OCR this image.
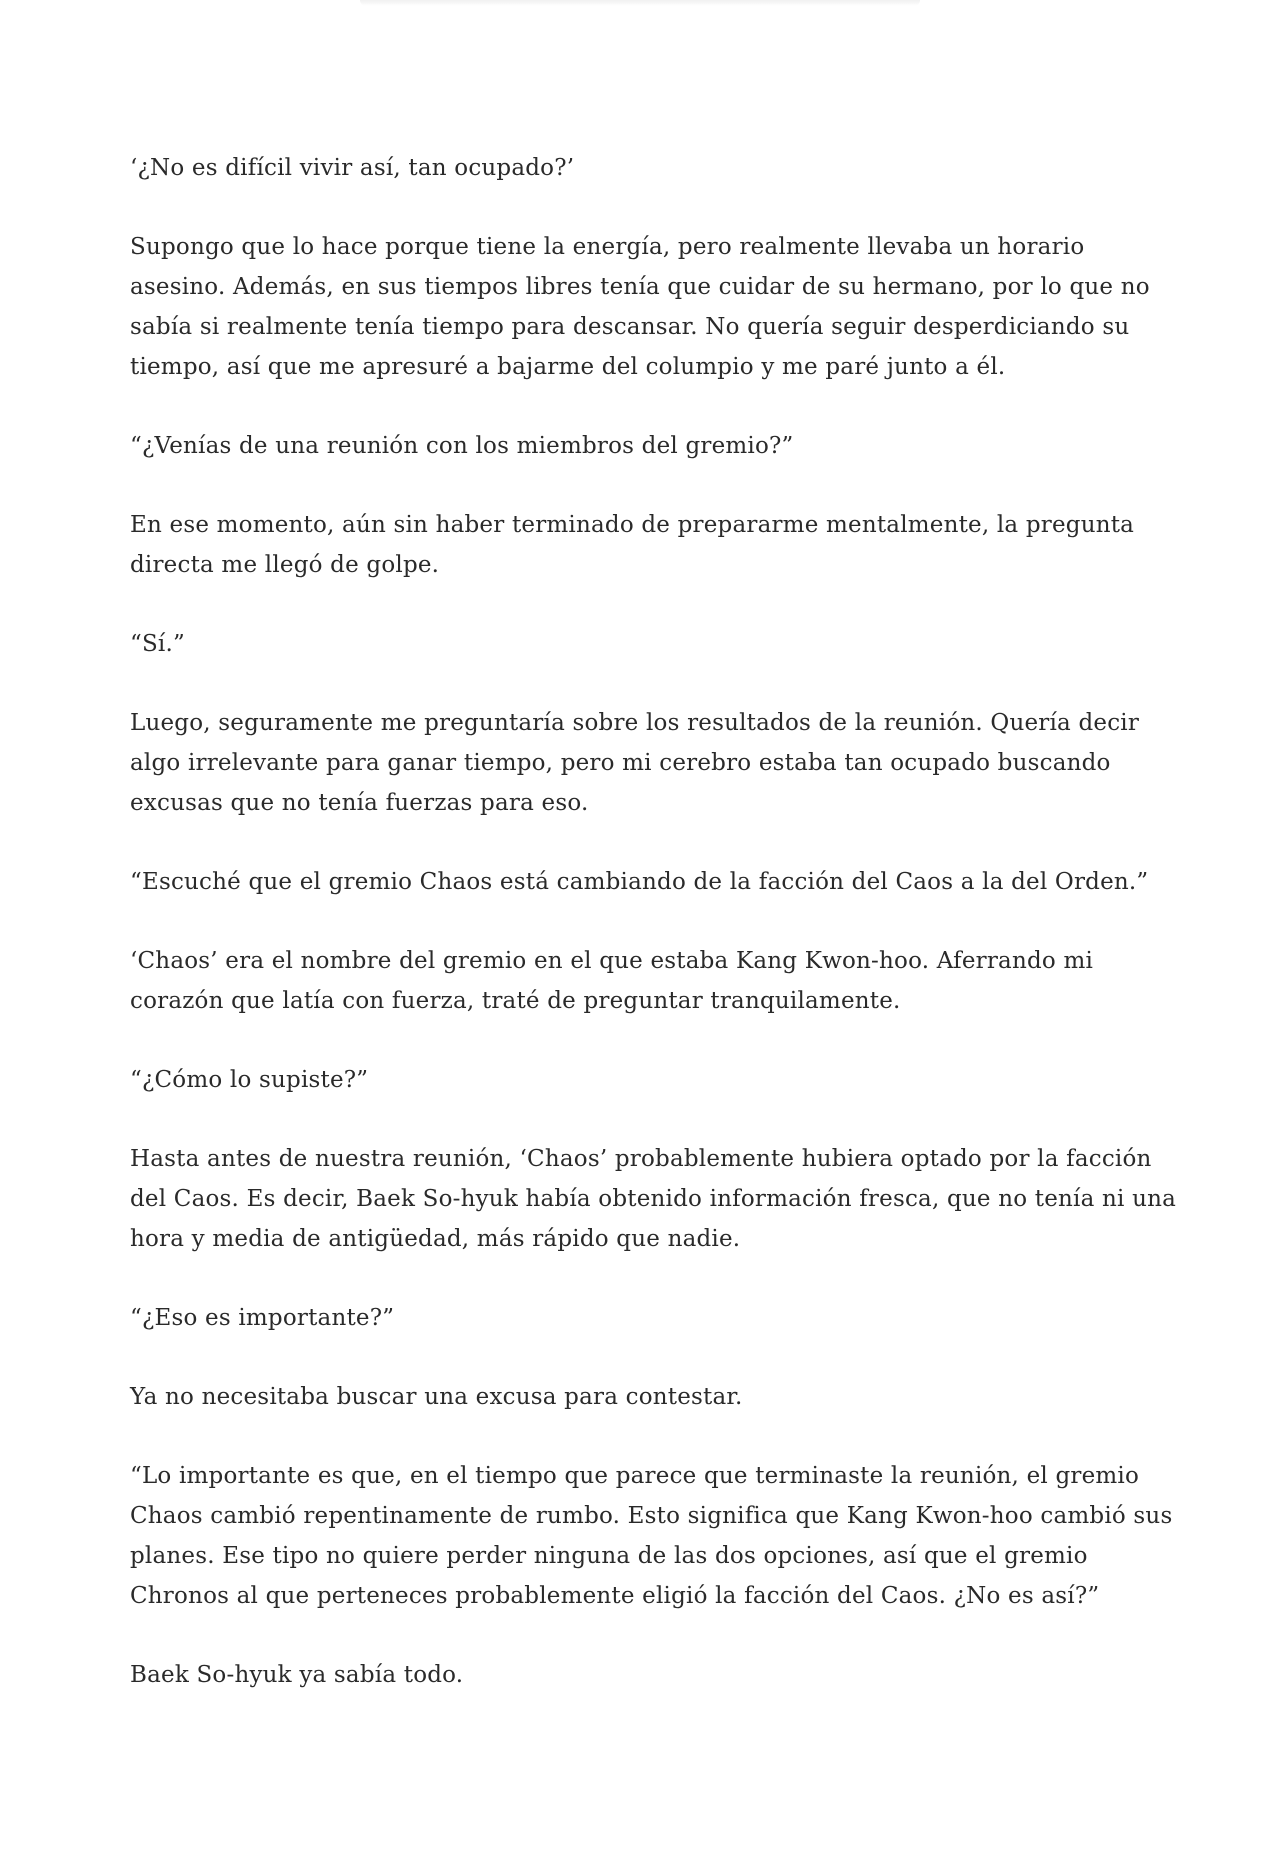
‘¿No es difícil vivir así, tan ocupado?’

Supongo que lo hace porque tiene la energía, pero realmente llevaba un horario asesino. Además, en sus tiempos libres tenía que cuidar de su hermano, por lo que no sabía si realmente tenía tiempo para descansar. No quería seguir desperdiciando su tiempo, así que me apresuré a bajarme del columpio y me paré junto a él.

“¿Venías de una reunión con los miembros del gremio?”

En ese momento, aún sin haber terminado de prepararme mentalmente, la pregunta directa me llegó de golpe.

“Sí.”

Luego, seguramente me preguntaría sobre los resultados de la reunión. Quería decir algo irrelevante para ganar tiempo, pero mi cerebro estaba tan ocupado buscando excusas que no tenía fuerzas para eso.

“Escuché que el gremio Chaos está cambiando de la facción del Caos a la del Orden.”

‘Chaos’ era el nombre del gremio en el que estaba Kang Kwon-hoo. Aferrando mi corazón que latía con fuerza, traté de preguntar tranquilamente.

“¿Cómo lo supiste?”

Hasta antes de nuestra reunión, ‘Chaos’ probablemente hubiera optado por la facción del Caos. Es decir, Baek So-hyuk había obtenido información fresca, que no tenía ni una hora y media de antigüedad, más rápido que nadie.

“¿Eso es importante?”

Ya no necesitaba buscar una excusa para contestar.

“Lo importante es que, en el tiempo que parece que terminaste la reunión, el gremio Chaos cambió repentinamente de rumbo. Esto significa que Kang Kwon-hoo cambió sus planes. Ese tipo no quiere perder ninguna de las dos opciones, así que el gremio Chronos al que perteneces probablemente eligió la facción del Caos. ¿No es así?”

Baek So-hyuk ya sabía todo.
